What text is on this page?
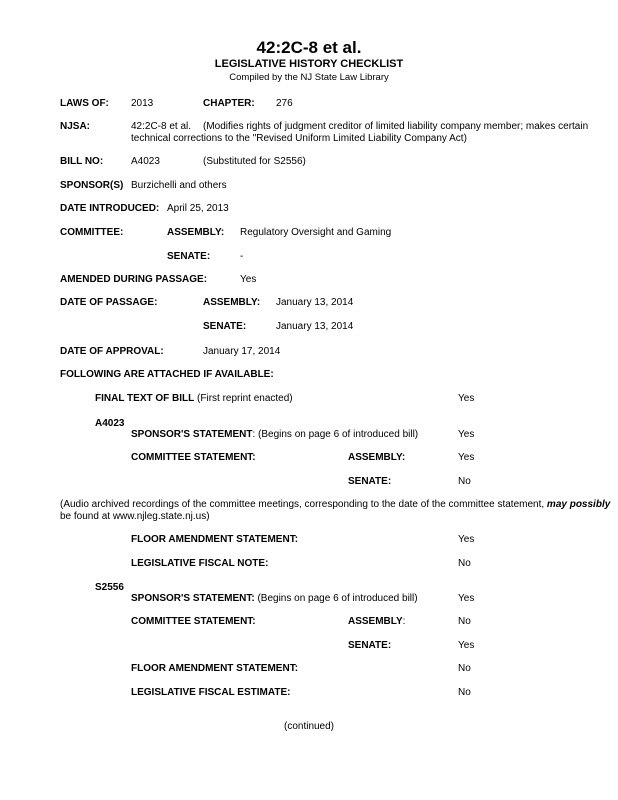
42:2C-8 et al.
LEGISLATIVE HISTORY CHECKLIST
Compiled by the NJ State Law Library
LAWS OF: 2013	CHAPTER: 276
NJSA:	42:2C-8 et al. (Modifies rights of judgment creditor of limited liability company member; makes certain
technical corrections to the "Revised Uniform Limited Liability Company Act)
BILL NO:	A4023	(Substituted for S2556)
SPONSOR(S) Burzichelli and others
DATE INTRODUCED: April 25, 2013
COMMITTEE:	ASSEMBLY: Regulatory Oversight and Gaming
SENATE:	-
AMENDED DURING PASSAGE:	Yes
DATE OF PASSAGE:	ASSEMBLY: January 13, 2014
SENATE:	January 13, 2014
DATE OF APPROVAL:	January 17, 2014
FOLLOWING ARE ATTACHED IF AVAILABLE:
FINAL TEXT OF BILL (First reprint enacted)	Yes
A4023
SPONSOR'S STATEMENT: (Begins on page 6 of introduced bill)	Yes
COMMITTEE STATEMENT:	ASSEMBLY:	Yes
SENATE:	No
(Audio archived recordings of the committee meetings, corresponding to the date of the committee statement, may possibly
be found at www.njleg.state.nj.us)
FLOOR AMENDMENT STATEMENT:	Yes
LEGISLATIVE FISCAL NOTE:	No
S2556
SPONSOR'S STATEMENT: (Begins on page 6 of introduced bill)	Yes
COMMITTEE STATEMENT:	ASSEMBLY:	No
SENATE:	Yes
FLOOR AMENDMENT STATEMENT:	No
LEGISLATIVE FISCAL ESTIMATE:	No
(continued)
